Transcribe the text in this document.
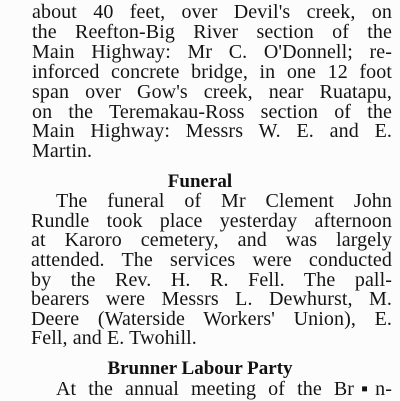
about 40 feet, over Devil's creek, on
the Reefton-Big River section of the
Main Highway: Mr C. O'Donnell; re-
inforced concrete bridge, in one 12 foot
span over Gow's creek, near Ruatapu,
on the Teremakau-Ross section of the
Main Highway: Messrs W. E. and E.
Martin.
Funeral
The funeral of Mr Clement John
Rundle took place yesterday afternoon
at Karoro cemetery, and was largely
attended. The services were conducted
by the Rev. H. R. Fell. The pall-
bearers were Messrs L. Dewhurst, M.
Deere (Waterside Workers' Union), E.
Fell, and E. Twohill.
Brunner Labour Party
At the annual meeting of the Br▪n-
